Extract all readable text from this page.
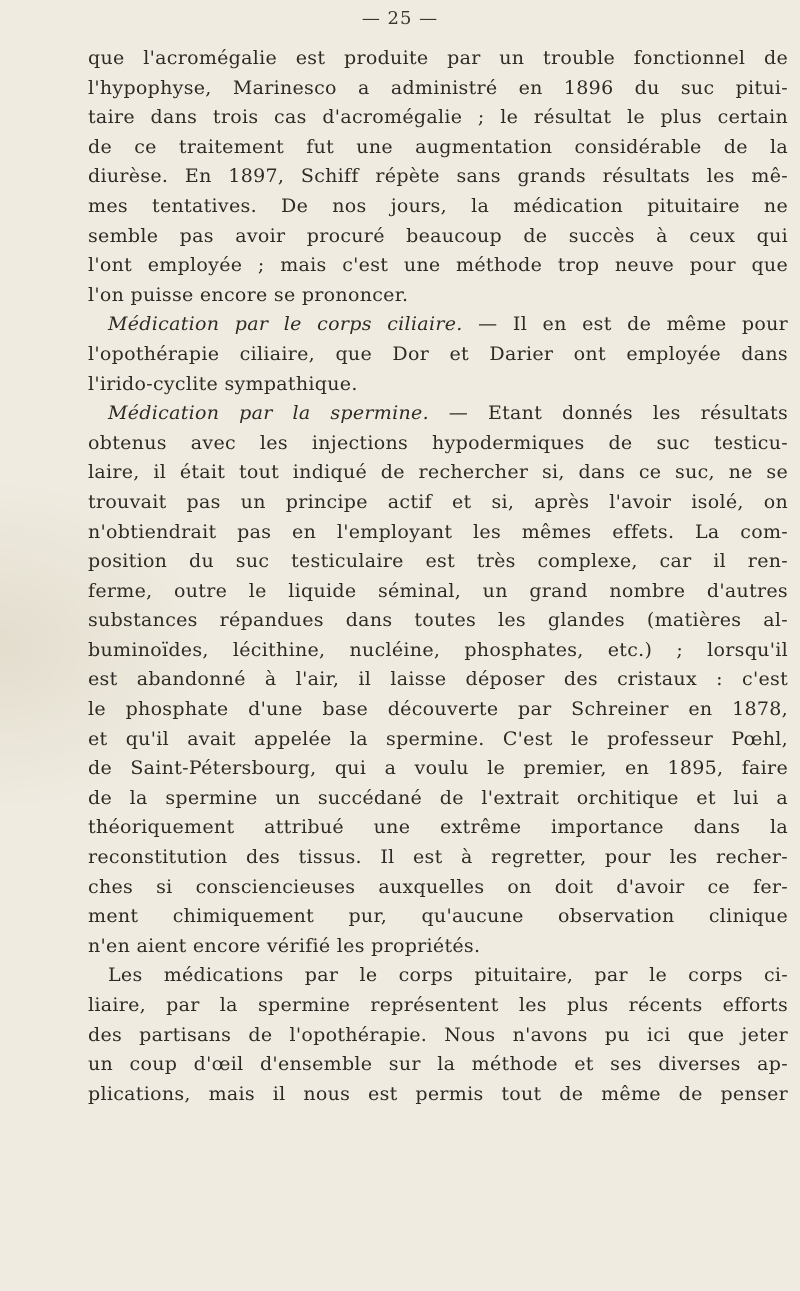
— 25 —

que l'acromégalie est produite par un trouble fonctionnel de
l'hypophyse, Marinesco a administré en 1896 du suc pitui-
taire dans trois cas d'acromégalie ; le résultat le plus certain
de ce traitement fut une augmentation considérable de la
diurèse. En 1897, Schiff répète sans grands résultats les mê-
mes tentatives. De nos jours, la médication pituitaire ne
semble pas avoir procuré beaucoup de succès à ceux qui
l'ont employée ; mais c'est une méthode trop neuve pour que
l'on puisse encore se prononcer.

Médication par le corps ciliaire. — Il en est de même pour
l'opothérapie ciliaire, que Dor et Darier ont employée dans
l'irido-cyclite sympathique.

Médication par la spermine. — Etant donnés les résultats
obtenus avec les injections hypodermiques de suc testicu-
laire, il était tout indiqué de rechercher si, dans ce suc, ne se
trouvait pas un principe actif et si, après l'avoir isolé, on
n'obtiendrait pas en l'employant les mêmes effets. La com-
position du suc testiculaire est très complexe, car il ren-
ferme, outre le liquide séminal, un grand nombre d'autres
substances répandues dans toutes les glandes (matières al-
buminoïdes, lécithine, nucléine, phosphates, etc.) ; lorsqu'il
est abandonné à l'air, il laisse déposer des cristaux : c'est
le phosphate d'une base découverte par Schreiner en 1878,
et qu'il avait appelée la spermine. C'est le professeur Pœhl,
de Saint-Pétersbourg, qui a voulu le premier, en 1895, faire
de la spermine un succédané de l'extrait orchitique et lui a
théoriquement attribué une extrême importance dans la
reconstitution des tissus. Il est à regretter, pour les recher-
ches si consciencieuses auxquelles on doit d'avoir ce fer-
ment chimiquement pur, qu'aucune observation clinique
n'en aient encore vérifié les propriétés.

Les médications par le corps pituitaire, par le corps ci-
liaire, par la spermine représentent les plus récents efforts
des partisans de l'opothérapie. Nous n'avons pu ici que jeter
un coup d'œil d'ensemble sur la méthode et ses diverses ap-
plications, mais il nous est permis tout de même de penser
